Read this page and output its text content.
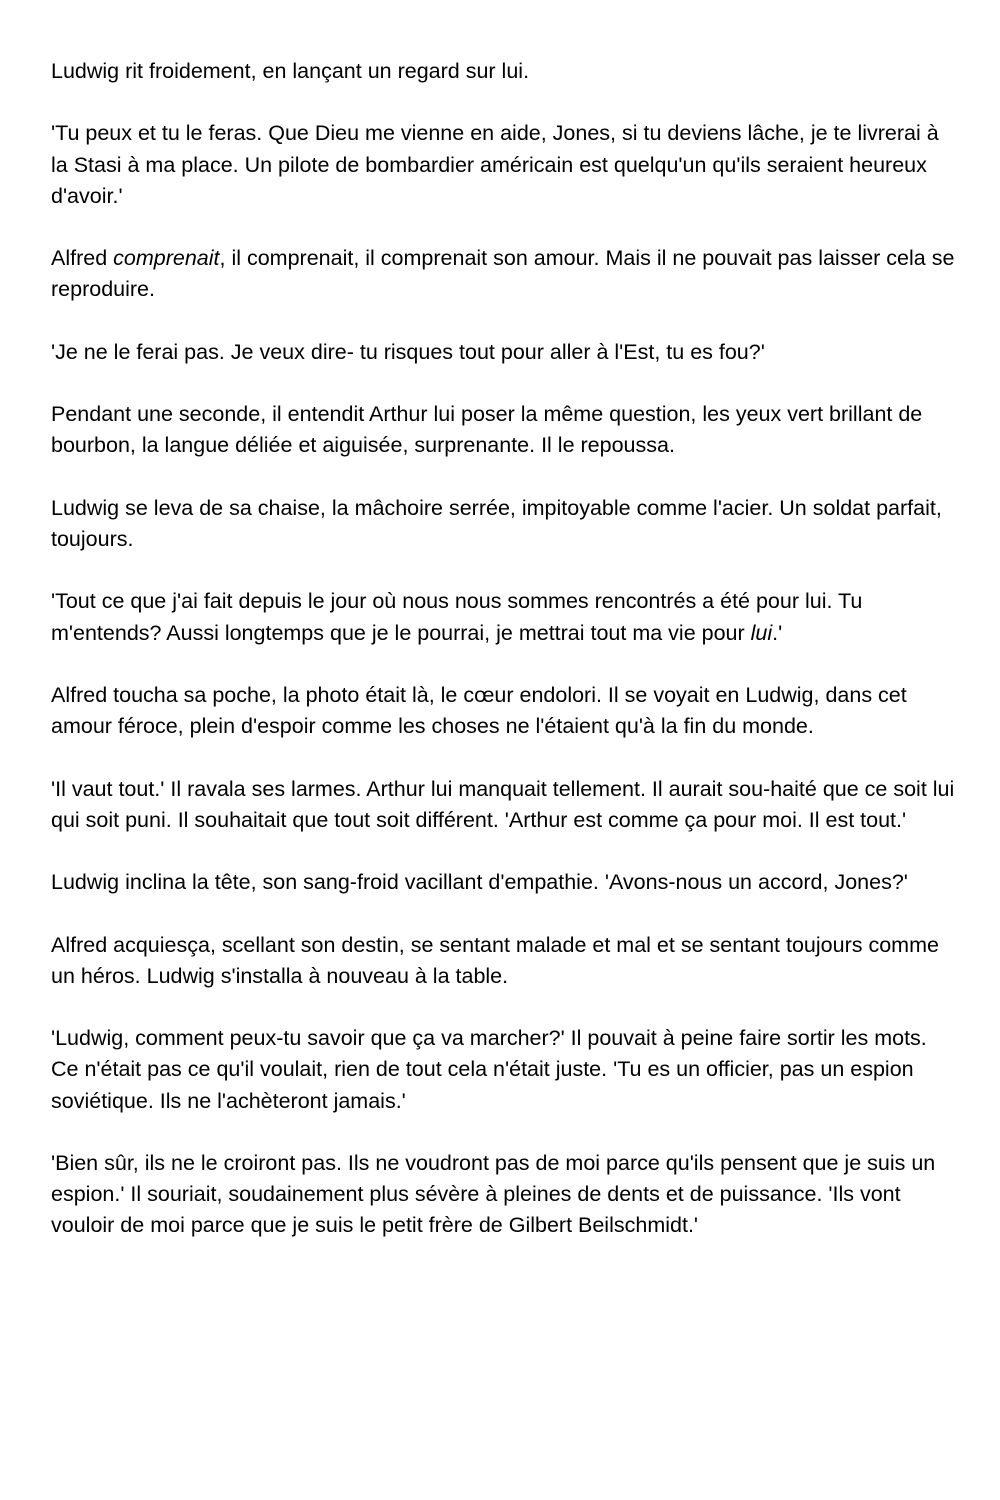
Ludwig rit froidement, en lançant un regard sur lui.

'Tu peux et tu le feras. Que Dieu me vienne en aide, Jones, si tu deviens lâche, je te livrerai à la Stasi à ma place. Un pilote de bombardier américain est quelqu'un qu'ils seraient heureux d'avoir.'

Alfred comprenait, il comprenait, il comprenait son amour. Mais il ne pouvait pas laisser cela se reproduire.

'Je ne le ferai pas. Je veux dire- tu risques tout pour aller à l'Est, tu es fou?'

Pendant une seconde, il entendit Arthur lui poser la même question, les yeux vert brillant de bourbon, la langue déliée et aiguisée, surprenante. Il le repoussa.

Ludwig se leva de sa chaise, la mâchoire serrée, impitoyable comme l'acier. Un soldat parfait, toujours.

'Tout ce que j'ai fait depuis le jour où nous nous sommes rencontrés a été pour lui. Tu m'entends? Aussi longtemps que je le pourrai, je mettrai tout ma vie pour lui.'

Alfred toucha sa poche, la photo était là, le cœur endolori. Il se voyait en Ludwig, dans cet amour féroce, plein d'espoir comme les choses ne l'étaient qu'à la fin du monde.

'Il vaut tout.' Il ravala ses larmes. Arthur lui manquait tellement. Il aurait sou-haité que ce soit lui qui soit puni. Il souhaitait que tout soit différent. 'Arthur est comme ça pour moi. Il est tout.'

Ludwig inclina la tête, son sang-froid vacillant d'empathie. 'Avons-nous un accord, Jones?'

Alfred acquiesça, scellant son destin, se sentant malade et mal et se sentant toujours comme un héros. Ludwig s'installa à nouveau à la table.

'Ludwig, comment peux-tu savoir que ça va marcher?' Il pouvait à peine faire sortir les mots. Ce n'était pas ce qu'il voulait, rien de tout cela n'était juste. 'Tu es un officier, pas un espion soviétique. Ils ne l'achèteront jamais.'

'Bien sûr, ils ne le croiront pas. Ils ne voudront pas de moi parce qu'ils pensent que je suis un espion.' Il souriait, soudainement plus sévère à pleines de dents et de puissance. 'Ils vont vouloir de moi parce que je suis le petit frère de Gilbert Beilschmidt.'
